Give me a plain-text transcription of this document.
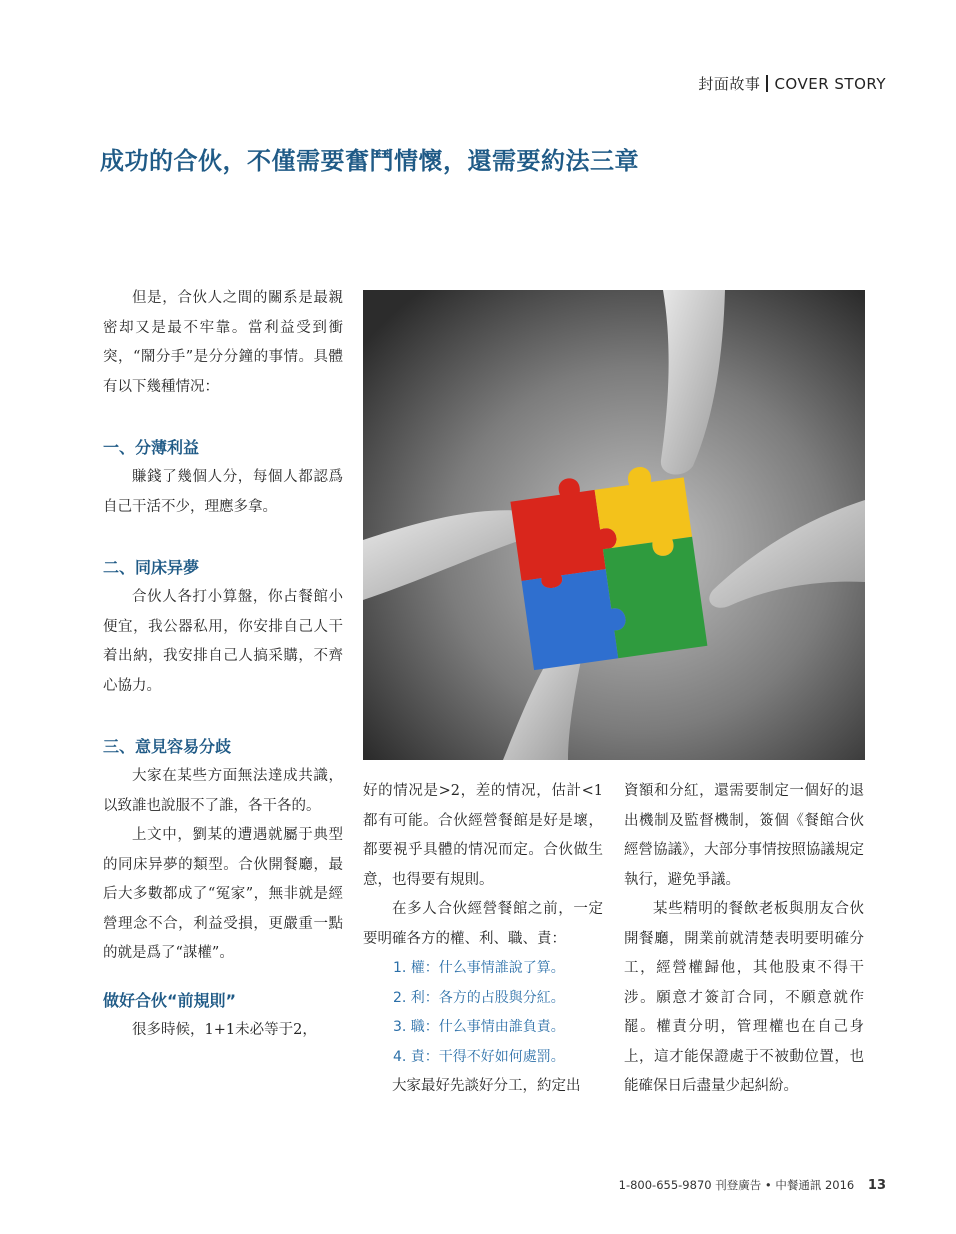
封面故事 COVER STORY
成功的合伙，不僅需要奮鬥情懷，還需要約法三章

但是，合伙人之間的關系是最親密却又是最不牢靠。當利益受到衝突，“鬧分手”是分分鐘的事情。具體有以下幾種情况：

一、分薄利益

賺錢了幾個人分，每個人都認爲自己干活不少，理應多拿。

二、同床异夢

合伙人各打小算盤，你占餐館小便宜，我公器私用，你安排自己人干着出納，我安排自己人搞采購，不齊心協力。

三、意見容易分歧

大家在某些方面無法達成共識，以致誰也說服不了誰，各干各的。

上文中，劉某的遭遇就屬于典型的同床异夢的類型。合伙開餐廳，最后大多數都成了“冤家”，無非就是經營理念不合，利益受損，更嚴重一點的就是爲了“謀權”。

做好合伙“前規則”

很多時候，1+1未必等于2，

好的情况是>2，差的情况，估計<1都有可能。合伙經營餐館是好是壞，都要視乎具體的情况而定。合伙做生意，也得要有規則。

在多人合伙經營餐館之前，一定要明確各方的權、利、職、責：

1. 權：什么事情誰說了算。

2. 利：各方的占股與分紅。

3. 職：什么事情由誰負責。

4. 責：干得不好如何處罰。

大家最好先談好分工，約定出

資額和分紅，還需要制定一個好的退出機制及監督機制，簽個《餐館合伙經營協議》，大部分事情按照協議規定執行，避免爭議。

某些精明的餐飲老板與朋友合伙開餐廳，開業前就清楚表明要明確分工，經營權歸他，其他股東不得干涉。願意才簽訂合同，不願意就作罷。權責分明，管理權也在自己身上，這才能保證處于不被動位置，也能確保日后盡量少起糾紛。

1-800-655-9870 刊登廣告 • 中餐通訊 2016 13
